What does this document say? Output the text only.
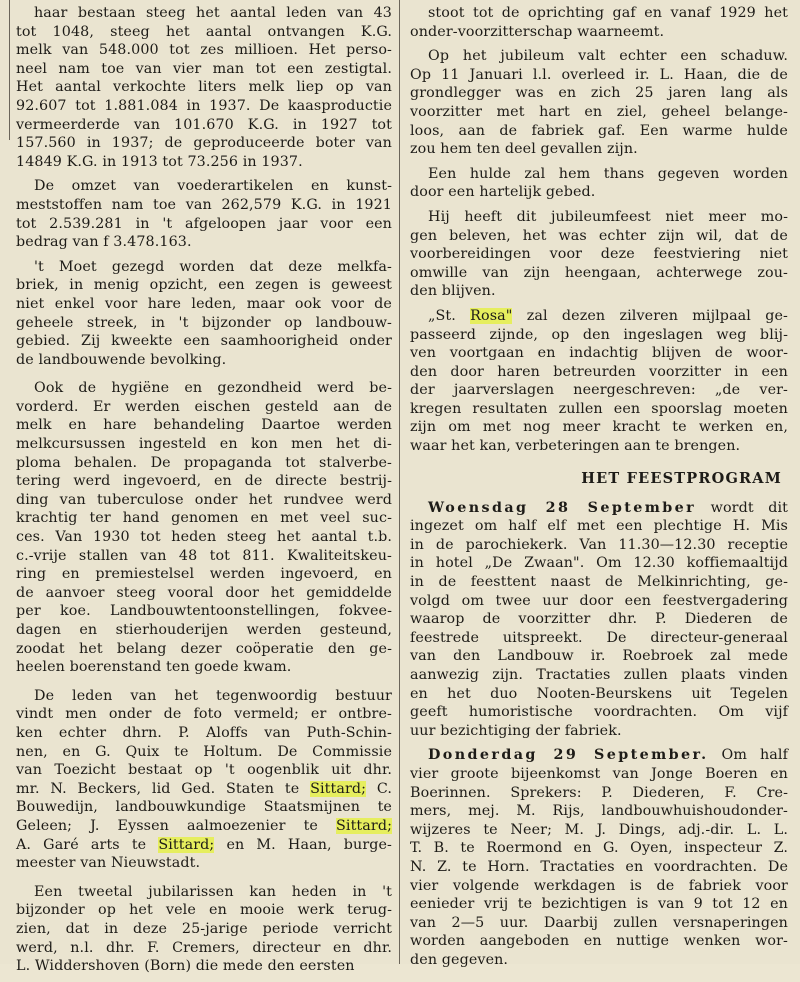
haar bestaan steeg het aantal leden van 43
tot 1048, steeg het aantal ontvangen K.G.
melk van 548.000 tot zes millioen. Het perso-
neel nam toe van vier man tot een zestigtal.
Het aantal verkochte liters melk liep op van
92.607 tot 1.881.084 in 1937. De kaasproductie
vermeerderde van 101.670 K.G. in 1927 tot
157.560 in 1937; de geproduceerde boter van
14849 K.G. in 1913 tot 73.256 in 1937.

De omzet van voederartikelen en kunst-
meststoffen nam toe van 262,579 K.G. in 1921
tot 2.539.281 in 't afgeloopen jaar voor een
bedrag van f 3.478.163.

't Moet gezegd worden dat deze melkfa-
briek, in menig opzicht, een zegen is geweest
niet enkel voor hare leden, maar ook voor de
geheele streek, in 't bijzonder op landbouw-
gebied. Zij kweekte een saamhoorigheid onder
de landbouwende bevolking.

Ook de hygiëne en gezondheid werd be-
vorderd. Er werden eischen gesteld aan de
melk en hare behandeling Daartoe werden
melkcursussen ingesteld en kon men het di-
ploma behalen. De propaganda tot stalverbe-
tering werd ingevoerd, en de directe bestrij-
ding van tuberculose onder het rundvee werd
krachtig ter hand genomen en met veel suc-
ces. Van 1930 tot heden steeg het aantal t.b.
c.-vrije stallen van 48 tot 811. Kwaliteitskeu-
ring en premiestelsel werden ingevoerd, en
de aanvoer steeg vooral door het gemiddelde
per koe. Landbouwtentoonstellingen, fokvee-
dagen en stierhouderijen werden gesteund,
zoodat het belang dezer coöperatie den ge-
heelen boerenstand ten goede kwam.

De leden van het tegenwoordig bestuur
vindt men onder de foto vermeld; er ontbre-
ken echter dhrn. P. Aloffs van Puth-Schin-
nen, en G. Quix te Holtum. De Commissie
van Toezicht bestaat op 't oogenblik uit dhr.
mr. N. Beckers, lid Ged. Staten te Sittard; C.
Bouwedijn, landbouwkundige Staatsmijnen te
Geleen; J. Eyssen aalmoezenier te Sittard;
A. Garé arts te Sittard; en M. Haan, burge-
meester van Nieuwstadt.

Een tweetal jubilarissen kan heden in 't
bijzonder op het vele en mooie werk terug-
zien, dat in deze 25-jarige periode verricht
werd, n.l. dhr. F. Cremers, directeur en dhr.
L. Widdershoven (Born) die mede den eersten

stoot tot de oprichting gaf en vanaf 1929 het
onder-voorzitterschap waarneemt.

Op het jubileum valt echter een schaduw.
Op 11 Januari l.l. overleed ir. L. Haan, die de
grondlegger was en zich 25 jaren lang als
voorzitter met hart en ziel, geheel belange-
loos, aan de fabriek gaf. Een warme hulde
zou hem ten deel gevallen zijn.

Een hulde zal hem thans gegeven worden
door een hartelijk gebed.

Hij heeft dit jubileumfeest niet meer mo-
gen beleven, het was echter zijn wil, dat de
voorbereidingen voor deze feestviering niet
omwille van zijn heengaan, achterwege zou-
den blijven.

„St. Rosa" zal dezen zilveren mijlpaal ge-
passeerd zijnde, op den ingeslagen weg blij-
ven voortgaan en indachtig blijven de woor-
den door haren betreurden voorzitter in een
der jaarverslagen neergeschreven: „de ver-
kregen resultaten zullen een spoorslag moeten
zijn om met nog meer kracht te werken en,
waar het kan, verbeteringen aan te brengen.

HET FEESTPROGRAM

Woensdag 28 September wordt dit
ingezet om half elf met een plechtige H. Mis
in de parochiekerk. Van 11.30—12.30 receptie
in hotel „De Zwaan". Om 12.30 koffiemaaltijd
in de feesttent naast de Melkinrichting, ge-
volgd om twee uur door een feestvergadering
waarop de voorzitter dhr. P. Diederen de
feestrede uitspreekt. De directeur-generaal
van den Landbouw ir. Roebroek zal mede
aanwezig zijn. Tractaties zullen plaats vinden
en het duo Nooten-Beurskens uit Tegelen
geeft humoristische voordrachten. Om vijf
uur bezichtiging der fabriek.

Donderdag 29 September. Om half
vier groote bijeenkomst van Jonge Boeren en
Boerinnen. Sprekers: P. Diederen, F. Cre-
mers, mej. M. Rijs, landbouwhuishoudonder-
wijzeres te Neer; M. J. Dings, adj.-dir. L. L.
T. B. te Roermond en G. Oyen, inspecteur Z.
N. Z. te Horn. Tractaties en voordrachten. De
vier volgende werkdagen is de fabriek voor
eenieder vrij te bezichtigen is van 9 tot 12 en
van 2—5 uur. Daarbij zullen versnaperingen
worden aangeboden en nuttige wenken wor-
den gegeven.
